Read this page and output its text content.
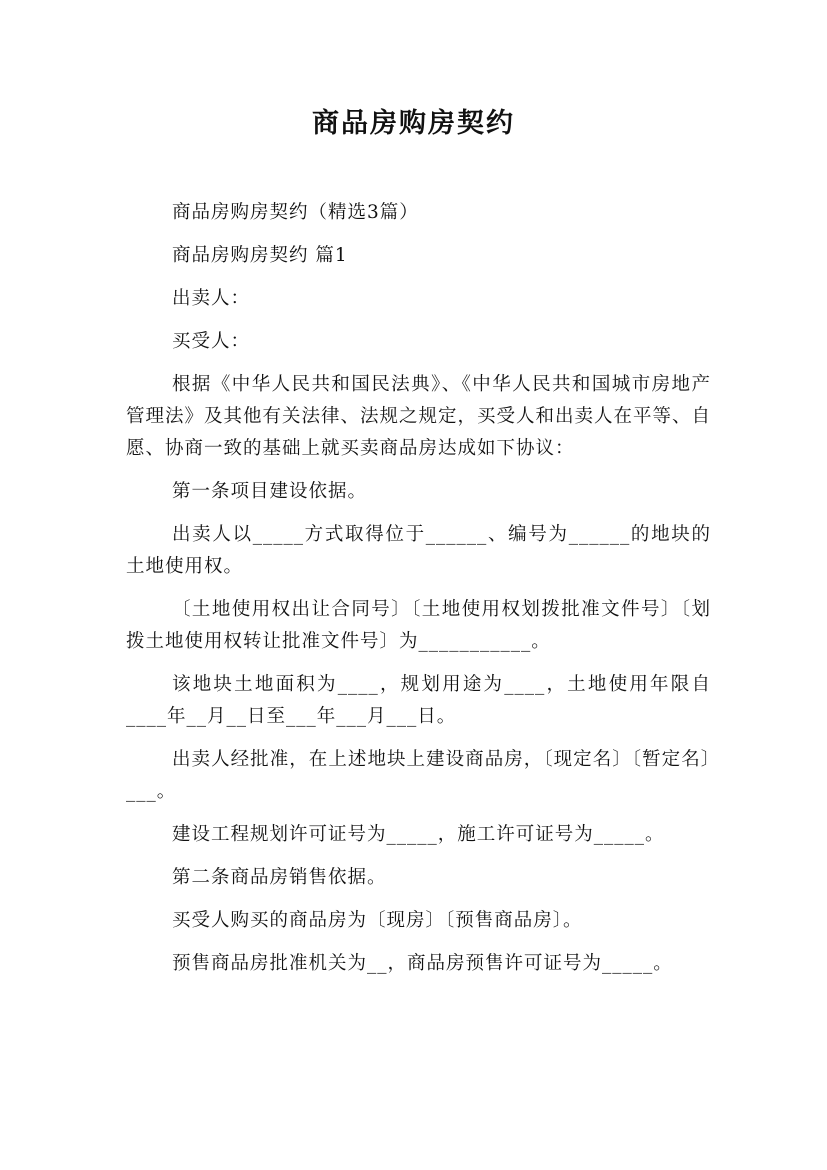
商品房购房契约

商品房购房契约（精选3篇）

商品房购房契约 篇1

出卖人：

买受人：

根据《中华人民共和国民法典》、《中华人民共和国城市房地产管理法》及其他有关法律、法规之规定，买受人和出卖人在平等、自愿、协商一致的基础上就买卖商品房达成如下协议：

第一条项目建设依据。

出卖人以_____方式取得位于______、编号为______的地块的土地使用权。

〔土地使用权出让合同号〕〔土地使用权划拨批准文件号〕〔划拨土地使用权转让批准文件号〕为___________。

该地块土地面积为____，规划用途为____，土地使用年限自____年__月__日至___年___月___日。

出卖人经批准，在上述地块上建设商品房，〔现定名〕〔暂定名〕___。

建设工程规划许可证号为_____，施工许可证号为_____。

第二条商品房销售依据。

买受人购买的商品房为〔现房〕〔预售商品房〕。

预售商品房批准机关为__，商品房预售许可证号为_____。
